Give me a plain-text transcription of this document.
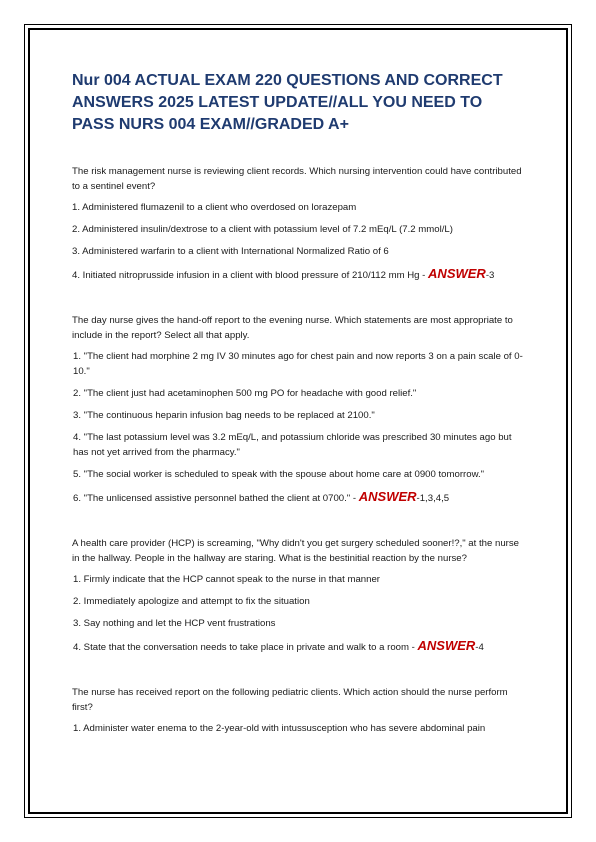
Nur 004 ACTUAL EXAM 220 QUESTIONS AND CORRECT ANSWERS 2025 LATEST UPDATE//ALL YOU NEED TO PASS NURS 004 EXAM//GRADED A+

The risk management nurse is reviewing client records. Which nursing intervention could have contributed to a sentinel event?

1. Administered flumazenil to a client who overdosed on lorazepam

2. Administered insulin/dextrose to a client with potassium level of 7.2 mEq/L (7.2 mmol/L)

3. Administered warfarin to a client with International Normalized Ratio of 6

4. Initiated nitroprusside infusion in a client with blood pressure of 210/112 mm Hg - ANSWER-3

The day nurse gives the hand-off report to the evening nurse. Which statements are most appropriate to include in the report? Select all that apply.

1. "The client had morphine 2 mg IV 30 minutes ago for chest pain and now reports 3 on a pain scale of 0-10."

2. "The client just had acetaminophen 500 mg PO for headache with good relief."

3. "The continuous heparin infusion bag needs to be replaced at 2100."

4. "The last potassium level was 3.2 mEq/L, and potassium chloride was prescribed 30 minutes ago but has not yet arrived from the pharmacy."

5. "The social worker is scheduled to speak with the spouse about home care at 0900 tomorrow."

6. "The unlicensed assistive personnel bathed the client at 0700." - ANSWER-1,3,4,5

A health care provider (HCP) is screaming, "Why didn't you get surgery scheduled sooner!?," at the nurse in the hallway. People in the hallway are staring. What is the bestinitial reaction by the nurse?

1. Firmly indicate that the HCP cannot speak to the nurse in that manner

2. Immediately apologize and attempt to fix the situation

3. Say nothing and let the HCP vent frustrations

4. State that the conversation needs to take place in private and walk to a room - ANSWER-4

The nurse has received report on the following pediatric clients. Which action should the nurse perform first?

1. Administer water enema to the 2-year-old with intussusception who has severe abdominal pain
